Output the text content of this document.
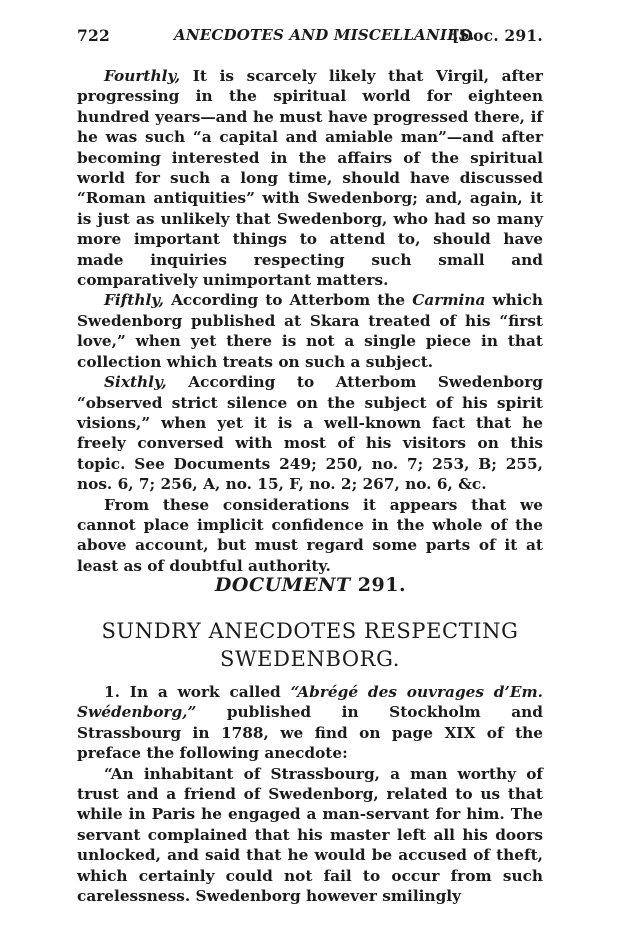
722	ANECDOTES AND MISCELLANIES.
[Doc. 291.

Fourthly, It is scarcely likely that Virgil, after progressing in the spiritual world for eighteen hundred years—and he must have progressed there, if he was such “a capital and amiable man”—and after becoming interested in the affairs of the spiritual world for such a long time, should have discussed “Roman antiquities” with Swedenborg; and, again, it is just as unlikely that Swedenborg, who had so many more important things to attend to, should have made inquiries respecting such small and comparatively unimportant matters.

Fifthly, According to Atterbom the Carmina which Swedenborg published at Skara treated of his “first love,” when yet there is not a single piece in that collection which treats on such a subject.

Sixthly, According to Atterbom Swedenborg “observed strict silence on the subject of his spirit visions,” when yet it is a well-known fact that he freely conversed with most of his visitors on this topic. See Documents 249; 250, no. 7; 253, B; 255, nos. 6, 7; 256, A, no. 15, F, no. 2; 267, no. 6, &c.

From these considerations it appears that we cannot place implicit confidence in the whole of the above account, but must regard some parts of it at least as of doubtful authority.

DOCUMENT 291.
SUNDRY ANECDOTES RESPECTING SWEDENBORG.

1. In a work called “Abrégé des ouvrages d’Em. Swédenborg,” published in Stockholm and Strassbourg in 1788, we find on page XIX of the preface the following anecdote:

“An inhabitant of Strassbourg, a man worthy of trust and a friend of Swedenborg, related to us that while in Paris he engaged a man-servant for him. The servant complained that his master left all his doors unlocked, and said that he would be accused of theft, which certainly could not fail to occur from such carelessness. Swedenborg however smilingly
